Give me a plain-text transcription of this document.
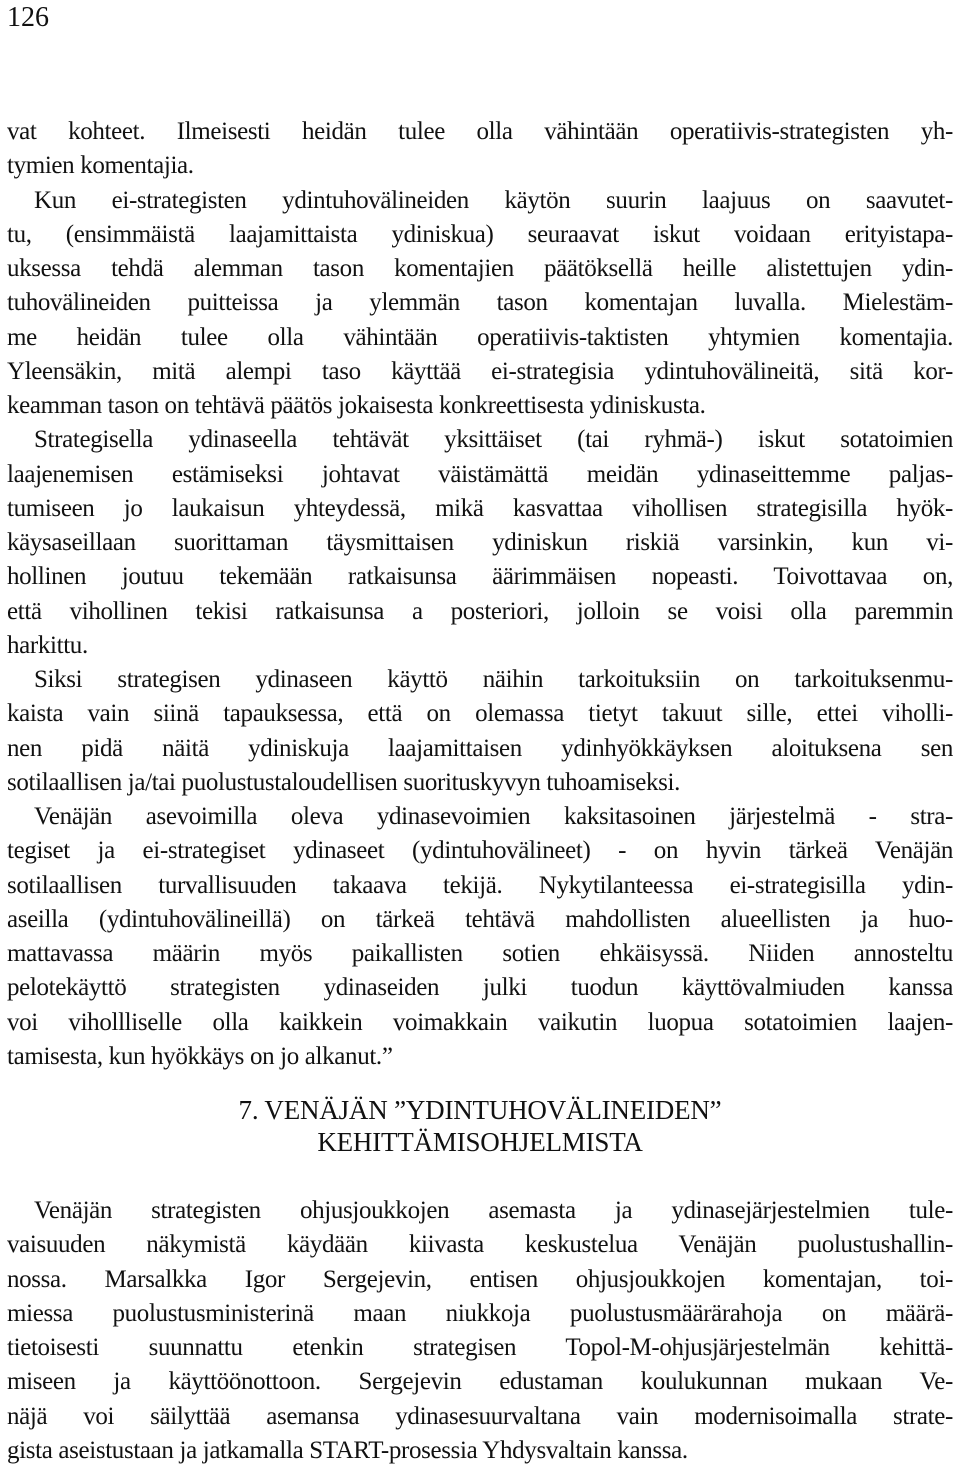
126
vat kohteet. Ilmeisesti heidän tulee olla vähintään operatiivis-strategisten yh-
tymien komentajia.
Kun ei-strategisten ydintuhovälineiden käytön suurin laajuus on saavutet-
tu, (ensimmäistä laajamittaista ydiniskua) seuraavat iskut voidaan erityistapa-
uksessa tehdä alemman tason komentajien päätöksellä heille alistettujen ydin-
tuhovälineiden puitteissa ja ylemmän tason komentajan luvalla. Mielestäm-
me heidän tulee olla vähintään operatiivis-taktisten yhtymien komentajia.
Yleensäkin, mitä alempi taso käyttää ei-strategisia ydintuhovälineitä, sitä kor-
keamman tason on tehtävä päätös jokaisesta konkreettisesta ydiniskusta.
Strategisella ydinaseella tehtävät yksittäiset (tai ryhmä-) iskut sotatoimien
laajenemisen estämiseksi johtavat väistämättä meidän ydinaseittemme paljas-
tumiseen jo laukaisun yhteydessä, mikä kasvattaa vihollisen strategisilla hyök-
käysaseillaan suorittaman täysmittaisen ydiniskun riskiä varsinkin, kun vi-
hollinen joutuu tekemään ratkaisunsa äärimmäisen nopeasti. Toivottavaa on,
että vihollinen tekisi ratkaisunsa a posteriori, jolloin se voisi olla paremmin
harkittu.
Siksi strategisen ydinaseen käyttö näihin tarkoituksiin on tarkoituksenmu-
kaista vain siinä tapauksessa, että on olemassa tietyt takuut sille, ettei viholli-
nen pidä näitä ydiniskuja laajamittaisen ydinhyökkäyksen aloituksena sen
sotilaallisen ja/tai puolustustaloudellisen suorituskyvyn tuhoamiseksi.
Venäjän asevoimilla oleva ydinasevoimien kaksitasoinen järjestelmä - stra-
tegiset ja ei-strategiset ydinaseet (ydintuhovälineet) - on hyvin tärkeä Venäjän
sotilaallisen turvallisuuden takaava tekijä. Nykytilanteessa ei-strategisilla ydin-
aseilla (ydintuhovälineillä) on tärkeä tehtävä mahdollisten alueellisten ja huo-
mattavassa määrin myös paikallisten sotien ehkäisyssä. Niiden annosteltu
pelotekäyttö strategisten ydinaseiden julki tuodun käyttövalmiuden kanssa
voi vihollliselle olla kaikkein voimakkain vaikutin luopua sotatoimien laajen-
tamisesta, kun hyökkäys on jo alkanut.”
7. VENÄJÄN ”YDINTUHOVÄLINEIDEN”
KEHITTÄMISOHJELMISTA
Venäjän strategisten ohjusjoukkojen asemasta ja ydinasejärjestelmien tule-
vaisuuden näkymistä käydään kiivasta keskustelua Venäjän puolustushallin-
nossa. Marsalkka Igor Sergejevin, entisen ohjusjoukkojen komentajan, toi-
miessa puolustusministerinä maan niukkoja puolustusmäärärahoja on määrä-
tietoisesti suunnattu etenkin strategisen Topol-M-ohjusjärjestelmän kehittä-
miseen ja käyttöönottoon. Sergejevin edustaman koulukunnan mukaan Ve-
näjä voi säilyttää asemansa ydinasesuurvaltana vain modernisoimalla strate-
gista aseistustaan ja jatkamalla START-prosessia Yhdysvaltain kanssa.
